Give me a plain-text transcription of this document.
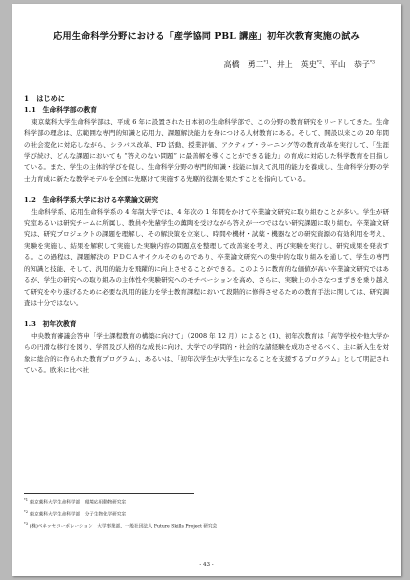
応用生命科学分野における「産学協同 PBL 講座」初年次教育実施の試み
高橋　勇二$^{*1}$、井上　英史$^{*2}$、平山　恭子$^{*3}$
1　はじめに
1.1　生命科学部の教育

東京薬科大学生命科学部は、平成 6 年に設置された日本初の生命科学部で、この分野の教育研究をリードしてきた。生命科学部の理念は、広範囲な専門的知識と応用力、課題解決能力を身につける人材教育にある。そして、開設以来この 20 年間の社会変化に対応しながら、シラバス改革、FD 活動、授業評価、アクティブ・ラーニング等の教育改革を実行して、「生涯学び続け、どんな課題においても “答えのない問題” に最善解を導くことができる能力」の育成に対応した科学教育を目指している。また、学生の主体的学びを促し、生命科学分野の専門的知識・技能に加えて汎用的能力を養成し、生命科学分野の学士力育成に新たな教学モデルを全国に先駆けて実施する先駆的役割を果たすことを指向している。

1.2　生命科学系大学における卒業論文研究

生命科学系、応用生命科学系の 4 年制大学では、4 年次の 1 年間をかけて卒業論文研究に取り組むことが多い。学生が研究室あるいは研究チームに所属し、教員や先輩学生の薫陶を受けながら答えが一つではない研究課題に取り組む。卒業論文研究は、研究プロジェクトの課題を理解し、その解決策を立案し、時間や機材・試薬・機器などの研究資源の有効利用を考え、実験を実施し、結果を解釈して実施した実験内容の問題点を整理して改善案を考え、再び実験を実行し、研究成果を発表する。この過程は、課題解決の ＰＤＣＡサイクルそのものであり、卒業論文研究への集中的な取り組みを通して、学生の専門的知識と技能、そして、汎用的能力を飛躍的に向上させることができる。このように教育的な価値が高い卒業論文研究ではあるが、学生の研究への取り組みの主体性や実験研究へのモチベーションを高め、さらに、実験上の小さなつまずきを乗り越えて研究をやり遂げるために必要な汎用的能力を学士教育課程において段階的に修得させるための教育手法に関しては、研究調査は十分ではない。

1.3　初年次教育

中央教育審議会答申「学士課程教育の構築に向けて」（2008 年 12 月）によると (1)、初年次教育は「高等学校や他大学からの円滑な移行を図り、学習及び人格的な成長に向け、大学での学問的・社会的な諸経験を成功させるべく、主に新入生を対象に総合的に作られた教育プログラム」、あるいは、「初年次学生が大学生になることを支援するプログラム」として明記されている。欧米に比べ社

$^{*1}$ 東京薬科大学生命科学部　環境応用動物研究室
$^{*2}$ 東京薬科大学生命科学部　分子生物化学研究室
$^{*3}$ (株)ベネッセコーポレーション　大学事業部、一般社団法人 Future Skills Project 研究会
- 43 -
